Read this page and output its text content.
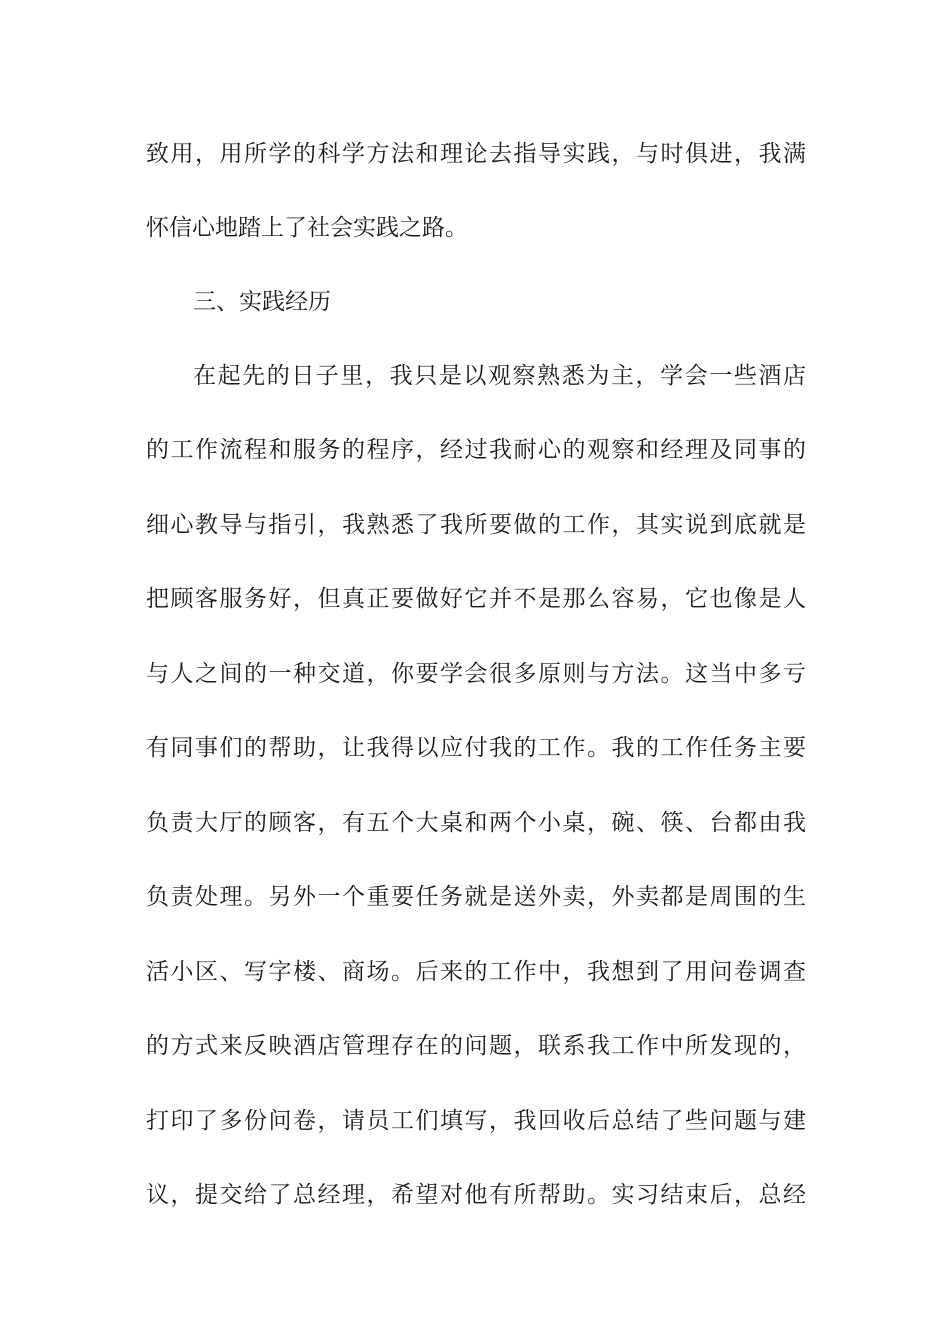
致用，用所学的科学方法和理论去指导实践，与时俱进，我满
怀信心地踏上了社会实践之路。
三、实践经历
在起先的日子里，我只是以观察熟悉为主，学会一些酒店
的工作流程和服务的程序，经过我耐心的观察和经理及同事的
细心教导与指引，我熟悉了我所要做的工作，其实说到底就是
把顾客服务好，但真正要做好它并不是那么容易，它也像是人
与人之间的一种交道，你要学会很多原则与方法。这当中多亏
有同事们的帮助，让我得以应付我的工作。我的工作任务主要
负责大厅的顾客，有五个大桌和两个小桌，碗、筷、台都由我
负责处理。另外一个重要任务就是送外卖，外卖都是周围的生
活小区、写字楼、商场。后来的工作中，我想到了用问卷调查
的方式来反映酒店管理存在的问题，联系我工作中所发现的，
打印了多份问卷，请员工们填写，我回收后总结了些问题与建
议，提交给了总经理，希望对他有所帮助。实习结束后，总经
